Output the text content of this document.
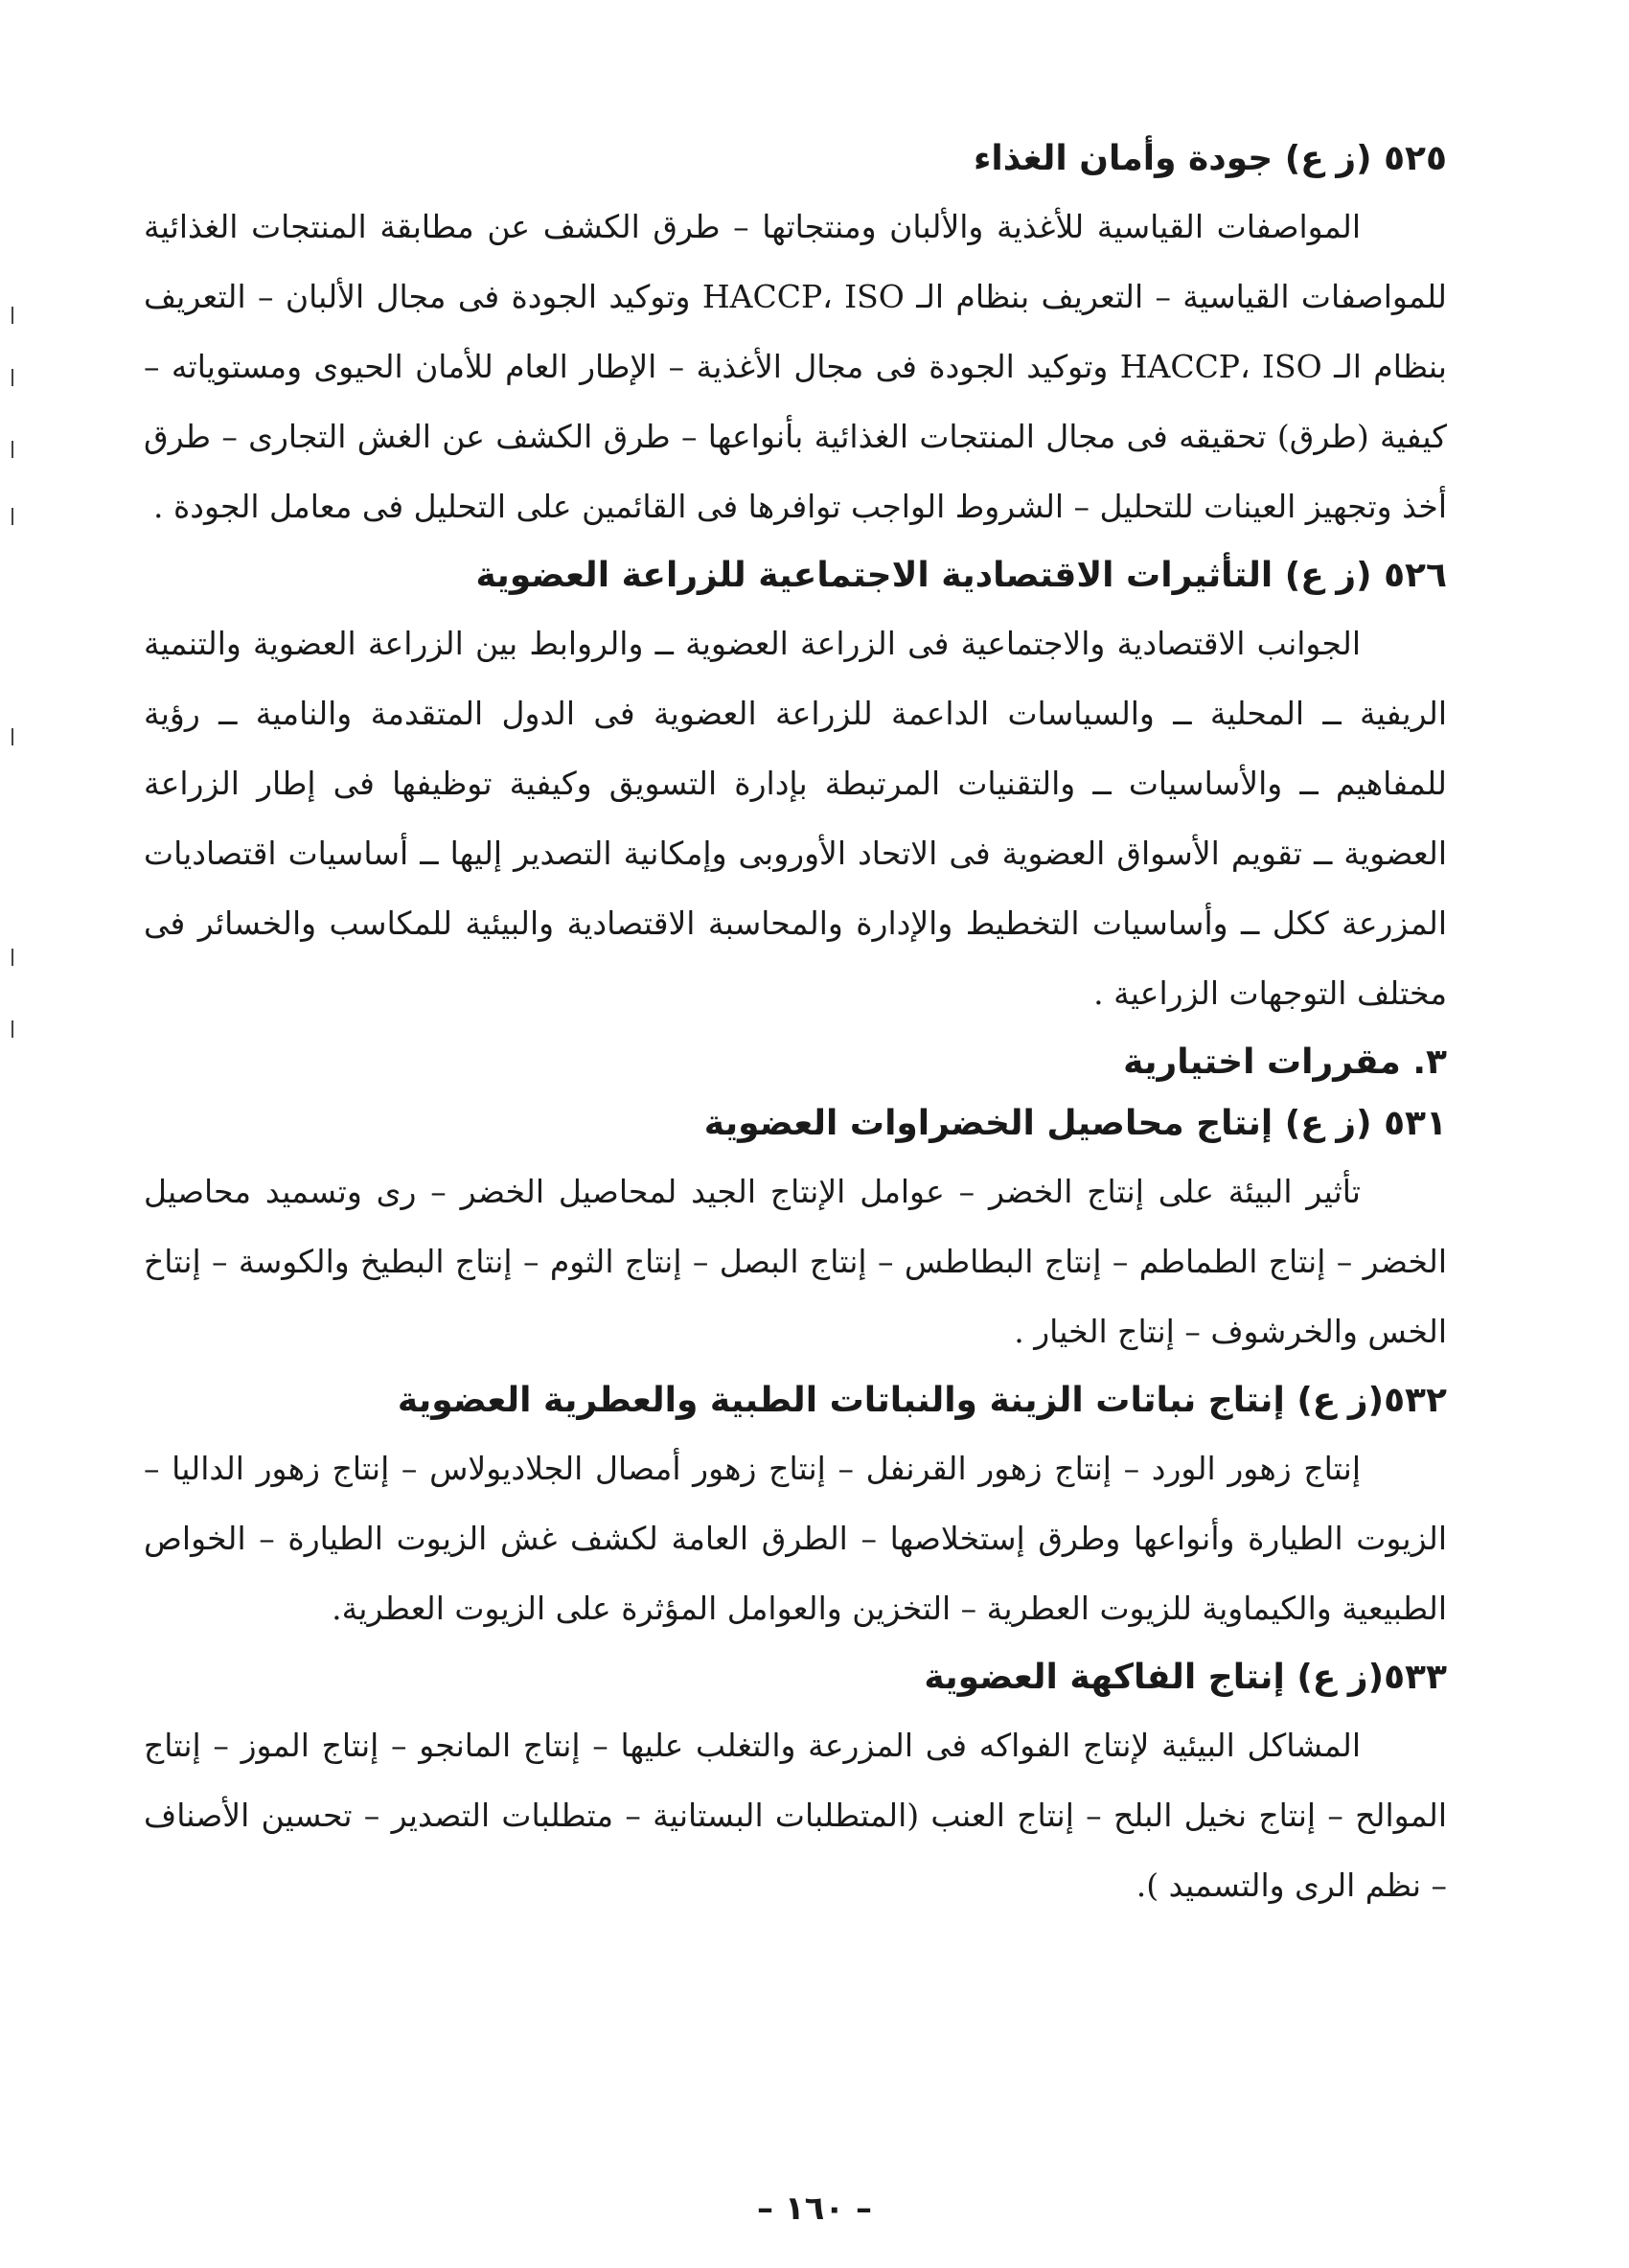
٥٢٥ (ز ع) جودة وأمان الغذاء

المواصفات القياسية للأغذية والألبان ومنتجاتها – طرق الكشف عن مطابقة المنتجات الغذائية للمواصفات القياسية – التعريف بنظام الـ HACCP، ISO وتوكيد الجودة فى مجال الألبان – التعريف بنظام الـ HACCP، ISO وتوكيد الجودة فى مجال الأغذية – الإطار العام للأمان الحيوى ومستوياته – كيفية (طرق) تحقيقه فى مجال المنتجات الغذائية بأنواعها – طرق الكشف عن الغش التجارى – طرق أخذ وتجهيز العينات للتحليل – الشروط الواجب توافرها فى القائمين على التحليل فى معامل الجودة .

٥٢٦ (ز ع) التأثيرات الاقتصادية الاجتماعية للزراعة العضوية

الجوانب الاقتصادية والاجتماعية فى الزراعة العضوية ــ والروابط بين الزراعة العضوية والتنمية الريفية ــ المحلية ــ والسياسات الداعمة للزراعة العضوية فى الدول المتقدمة والنامية ــ رؤية للمفاهيم ــ والأساسيات ــ والتقنيات المرتبطة بإدارة التسويق وكيفية توظيفها فى إطار الزراعة العضوية ــ تقويم الأسواق العضوية فى الاتحاد الأوروبى وإمكانية التصدير إليها ــ أساسيات اقتصاديات المزرعة ككل ــ وأساسيات التخطيط والإدارة والمحاسبة الاقتصادية والبيئية للمكاسب والخسائر فى مختلف التوجهات الزراعية .

٣. مقررات اختيارية
٥٣١ (ز ع) إنتاج محاصيل الخضراوات العضوية

تأثير البيئة على إنتاج الخضر – عوامل الإنتاج الجيد لمحاصيل الخضر – رى وتسميد محاصيل الخضر – إنتاج الطماطم – إنتاج البطاطس – إنتاج البصل – إنتاج الثوم – إنتاج البطيخ والكوسة – إنتاخ الخس والخرشوف – إنتاج الخيار .

٥٣٢(ز ع) إنتاج نباتات الزينة والنباتات الطبية والعطرية العضوية

إنتاج زهور الورد – إنتاج زهور القرنفل – إنتاج زهور أمصال الجلاديولاس – إنتاج زهور الداليا – الزيوت الطيارة وأنواعها وطرق إستخلاصها – الطرق العامة لكشف غش الزيوت الطيارة – الخواص الطبيعية والكيماوية للزيوت العطرية – التخزين والعوامل المؤثرة على الزيوت العطرية.

٥٣٣(ز ع) إنتاج الفاكهة العضوية

المشاكل البيئية لإنتاج الفواكه فى المزرعة والتغلب عليها – إنتاج المانجو – إنتاج الموز – إنتاج الموالح – إنتاج نخيل البلح – إنتاج العنب (المتطلبات البستانية – متطلبات التصدير – تحسين الأصناف – نظم الرى والتسميد ).

– ١٦٠ –
